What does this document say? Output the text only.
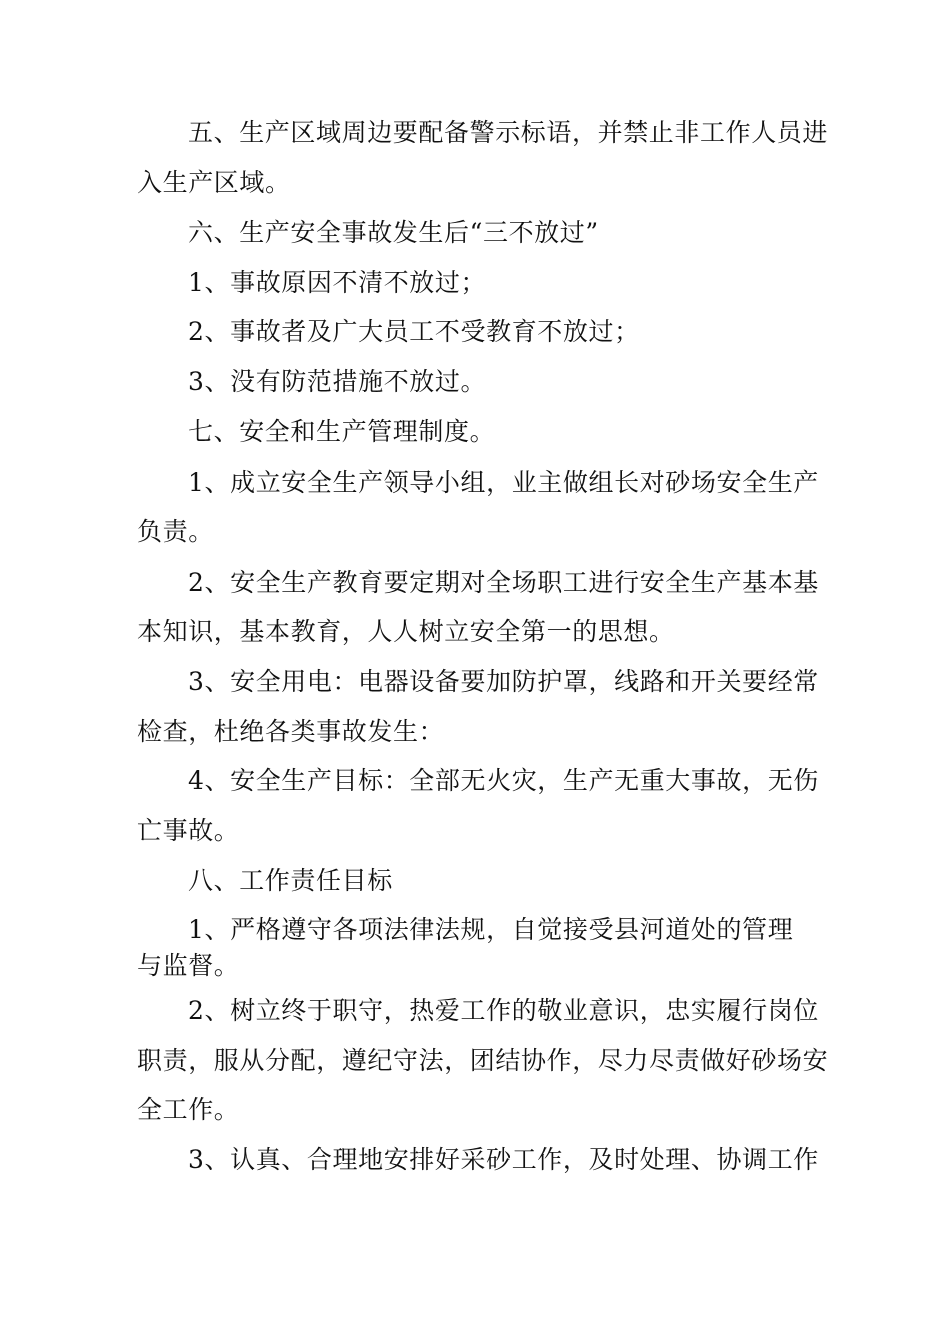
五、生产区域周边要配备警示标语，并禁止非工作人员进
入生产区域。
六、生产安全事故发生后“三不放过”
1、事故原因不清不放过；
2、事故者及广大员工不受教育不放过；
3、没有防范措施不放过。
七、安全和生产管理制度。
1、成立安全生产领导小组，业主做组长对砂场安全生产
负责。
2、安全生产教育要定期对全场职工进行安全生产基本基
本知识，基本教育，人人树立安全第一的思想。
3、安全用电：电器设备要加防护罩，线路和开关要经常
检查，杜绝各类事故发生：
4、安全生产目标：全部无火灾，生产无重大事故，无伤
亡事故。
八、工作责任目标
1、严格遵守各项法律法规，自觉接受县河道处的管理
与监督。
2、树立终于职守，热爱工作的敬业意识，忠实履行岗位
职责，服从分配，遵纪守法，团结协作，尽力尽责做好砂场安
全工作。
3、认真、合理地安排好采砂工作，及时处理、协调工作
